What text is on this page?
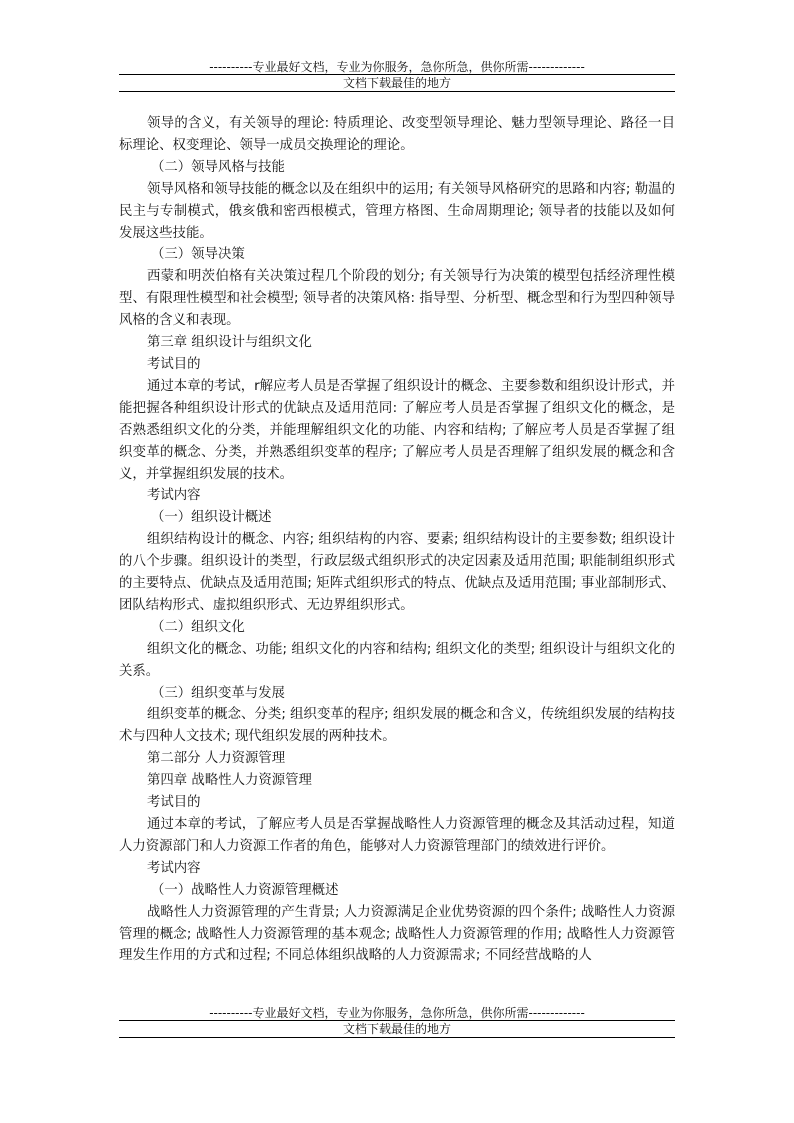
----------专业最好文档，专业为你服务，急你所急，供你所需-------------
文档下载最佳的地方

领导的含义，有关领导的理论: 特质理论、改变型领导理论、魅力型领导理论、路径一目标理论、权变理论、领导一成员交换理论的理论。

（二）领导风格与技能

领导风格和领导技能的概念以及在组织中的运用; 有关领导风格研究的思路和内容; 勒温的民主与专制模式，俄亥俄和密西根模式，管理方格图、生命周期理论; 领导者的技能以及如何发展这些技能。

（三）领导决策

西蒙和明茨伯格有关决策过程几个阶段的划分; 有关领导行为决策的模型包括经济理性模型、有限理性模型和社会模型; 领导者的决策风格: 指导型、分析型、概念型和行为型四种领导风格的含义和表现。

第三章 组织设计与组织文化

考试目的

通过本章的考试，r解应考人员是否掌握了组织设计的概念、主要参数和组织设计形式，并能把握各种组织设计形式的优缺点及适用范同: 了解应考人员是否掌握了组织文化的概念，是否熟悉组织文化的分类，并能理解组织文化的功能、内容和结构; 了解应考人员是否掌握了组织变革的概念、分类，并熟悉组织变革的程序; 了解应考人员是否理解了组织发展的概念和含义，并掌握组织发展的技术。

考试内容

（一）组织设计概述

组织结构设计的概念、内容; 组织结构的内容、要素; 组织结构设计的主要参数; 组织设计的八个步骤。组织设计的类型，行政层级式组织形式的决定因素及适用范围; 职能制组织形式的主要特点、优缺点及适用范围; 矩阵式组织形式的特点、优缺点及适用范围; 事业部制形式、团队结构形式、虚拟组织形式、无边界组织形式。

（二）组织文化

组织文化的概念、功能; 组织文化的内容和结构; 组织文化的类型; 组织设计与组织文化的关系。

（三）组织变革与发展

组织变革的概念、分类; 组织变革的程序; 组织发展的概念和含义，传统组织发展的结构技术与四种人文技术; 现代组织发展的两种技术。

第二部分 人力资源管理

第四章 战略性人力资源管理

考试目的

通过本章的考试，了解应考人员是否掌握战略性人力资源管理的概念及其活动过程，知道人力资源部门和人力资源工作者的角色，能够对人力资源管理部门的绩效进行评价。

考试内容

（一）战略性人力资源管理概述

战略性人力资源管理的产生背景; 人力资源满足企业优势资源的四个条件; 战略性人力资源管理的概念; 战略性人力资源管理的基本观念; 战略性人力资源管理的作用; 战略性人力资源管理发生作用的方式和过程; 不同总体组织战略的人力资源需求; 不同经营战略的人

----------专业最好文档，专业为你服务，急你所急，供你所需-------------
文档下载最佳的地方
